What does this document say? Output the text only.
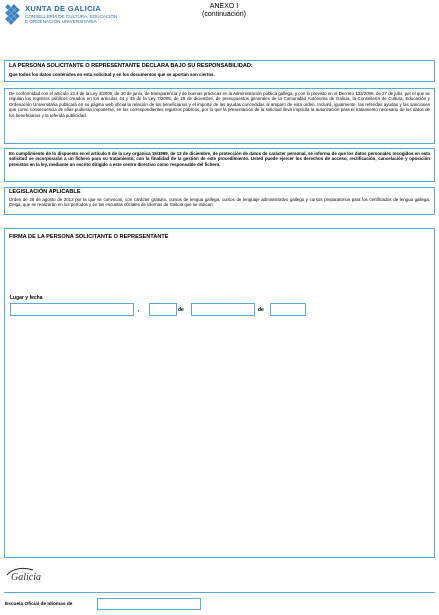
XUNTA DE GALICIA
CONSELLERÍA DE CULTURA, EDUCACIÓN
E ORDENACIÓN UNIVERSITARIA
ANEXO I
(continuación)
LA PERSONA SOLICITANTE O REPRESENTANTE DECLARA BAJO SU RESPONSABILIDAD:
Que todos los datos contenidos en esta solicitud y en los documentos que se aportan son ciertos.
De conformidad con el artículo 13.4 de la Ley 4/2006, de 30 de junio, de transparencia y de buenas prácticas en la Administración pública gallega, y con lo previsto en el Decreto 132/2006, de 27 de julio, por el que se regulan los registros públicos creados en los artículos 44 y 45 de la Ley 7/2005, de 29 de diciembre, de presupuestos generales de la Comunidad Autónoma de Galicia, la Consellería de Cultura, Educación y Ordenación Universitaria publicará en su página web oficial la relación de los beneficiarios y el importe de las ayudas concedidas al amparo de esta orden. Incluirá, igualmente, las referidas ayudas y las sanciones que como consecuencia de ellas pudieran imponerse, en los correspondientes registros públicos, por lo que la presentación de la solicitud lleva implícita la autorización para el tratamiento necesario de los datos de los beneficiarios y la referida publicidad.
En cumplimiento de lo dispuesto en el artículo 5 de la Ley orgánica 15/1999, de 13 de diciembre, de protección de datos de carácter personal, se informa de que los datos personales recogidos en esta solicitud se incorporarán a un fichero para su tratamiento, con la finalidad de la gestión de este procedimiento. Usted puede ejercer los derechos de acceso, rectificación, cancelación y oposición previstos en la ley, mediante un escrito dirigido a este centro directivo como responsable del fichero.
LEGISLACIÓN APLICABLE
Orden de 26 de agosto de 2013 por la que se convocan, con carácter gratuito, cursos de lengua gallega, cursos de lenguaje administrativo gallego y cursos preparatorios para los certificados de lengua gallega, Celga, que se realizarán en los períodos y en las escuelas oficiales de idiomas de Galicia que se indican.
FIRMA DE LA PERSONA SOLICITANTE O REPRESENTANTE
Lugar y fecha
,	de	de
Galicia
Escuela Oficial de Idiomas de
